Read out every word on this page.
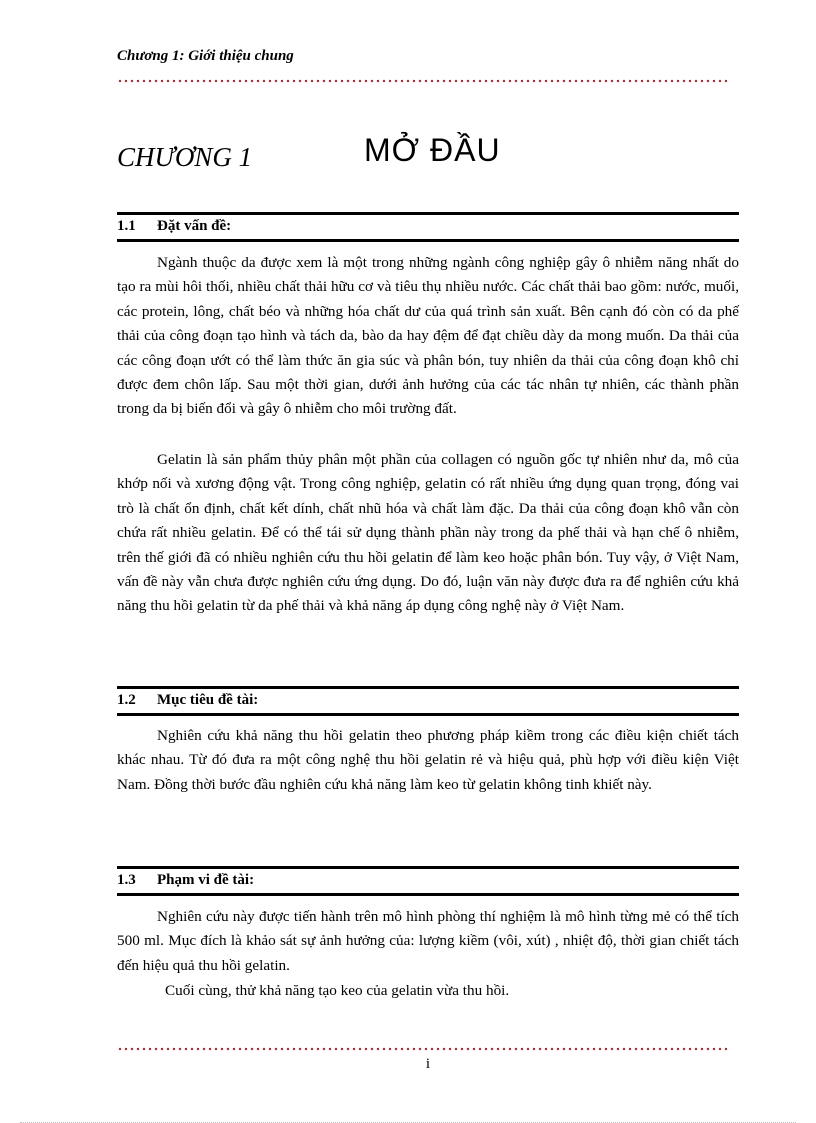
Chương 1: Giới thiệu chung
CHƯƠNG 1	MỞ ĐẦU
1.1 Đặt vấn đề:

Ngành thuộc da được xem là một trong những ngành công nghiệp gây ô nhiễm năng nhất do tạo ra mùi hôi thối, nhiều chất thải hữu cơ và tiêu thụ nhiều nước. Các chất thải bao gồm: nước, muối, các protein, lông, chất béo và những hóa chất dư của quá trình sản xuất. Bên cạnh đó còn có da phế thải của công đoạn tạo hình và tách da, bào da hay đệm để đạt chiều dày da mong muốn. Da thải của các công đoạn ướt có thể làm thức ăn gia súc và phân bón, tuy nhiên da thải của công đoạn khô chỉ được đem chôn lấp. Sau một thời gian, dưới ảnh hưởng của các tác nhân tự nhiên, các thành phần trong da bị biến đổi và gây ô nhiễm cho môi trường đất.

Gelatin là sản phẩm thủy phân một phần của collagen có nguồn gốc tự nhiên như da, mô của khớp nối và xương động vật. Trong công nghiệp, gelatin có rất nhiều ứng dụng quan trọng, đóng vai trò là chất ổn định, chất kết dính, chất nhũ hóa và chất làm đặc. Da thải của công đoạn khô vẫn còn chứa rất nhiều gelatin. Để có thể tái sử dụng thành phần này trong da phế thải và hạn chế ô nhiễm, trên thế giới đã có nhiều nghiên cứu thu hồi gelatin để làm keo hoặc phân bón. Tuy vậy, ở Việt Nam, vấn đề này vẫn chưa được nghiên cứu ứng dụng. Do đó, luận văn này được đưa ra để nghiên cứu khả năng thu hồi gelatin từ da phế thải và khả năng áp dụng công nghệ này ở Việt Nam.

1.2 Mục tiêu đề tài:

Nghiên cứu khả năng thu hồi gelatin theo phương pháp kiềm trong các điều kiện chiết tách khác nhau. Từ đó đưa ra một công nghệ thu hồi gelatin rẻ và hiệu quả, phù hợp với điều kiện Việt Nam. Đồng thời bước đầu nghiên cứu khả năng làm keo từ gelatin không tinh khiết này.

1.3 Phạm vi đề tài:

Nghiên cứu này được tiến hành trên mô hình phòng thí nghiệm là mô hình từng mẻ có thể tích 500 ml. Mục đích là khảo sát sự ảnh hưởng của: lượng kiềm (vôi, xút) , nhiệt độ, thời gian chiết tách đến hiệu quả thu hồi gelatin.

Cuối cùng, thử khả năng tạo keo của gelatin vừa thu hồi.

i
